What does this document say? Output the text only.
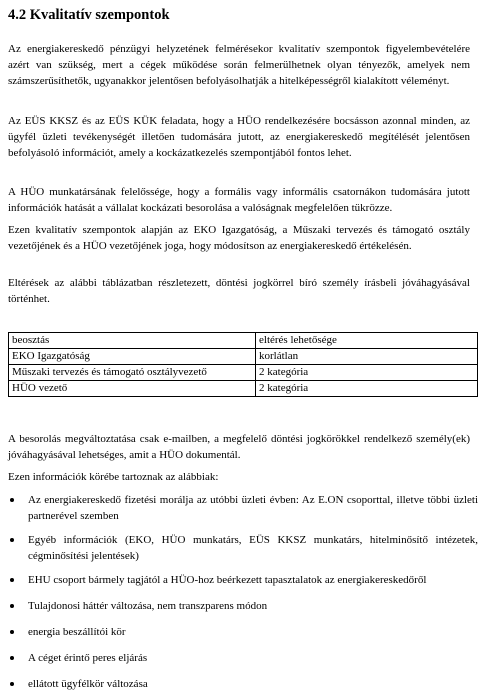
4.2 Kvalitatív szempontok
Az energiakereskedő pénzügyi helyzetének felmérésekor kvalitatív szempontok figyelembevételére azért van szükség, mert a cégek működése során felmerülhetnek olyan tényezők, amelyek nem számszerűsíthetők, ugyanakkor jelentősen befolyásolhatják a hitelképességről kialakított véleményt.
Az EÜS KKSZ és az EÜS KÜK feladata, hogy a HÜO rendelkezésére bocsásson azonnal minden, az ügyfél üzleti tevékenységét illetően tudomására jutott, az energiakereskedő megítélését jelentősen befolyásoló információt, amely a kockázatkezelés szempontjából fontos lehet.
A HÜO munkatársának felelőssége, hogy a formális vagy informális csatornákon tudomására jutott információk hatását a vállalat kockázati besorolása a valóságnak megfelelően tükrözze.
Ezen kvalitatív szempontok alapján az EKO Igazgatóság, a Műszaki tervezés és támogató osztály vezetőjének és a HÜO vezetőjének joga, hogy módosítson az energiakereskedő értékelésén.
Eltérések az alábbi táblázatban részletezett, döntési jogkörrel bíró személy írásbeli jóváhagyásával történhet.
beosztás	eltérés lehetősége
EKO Igazgatóság	korlátlan
Műszaki tervezés és támogató osztályvezető	2 kategória
HÜO vezető	2 kategória
A besorolás megváltoztatása csak e-mailben, a megfelelő döntési jogkörökkel rendelkező személy(ek) jóváhagyásával lehetséges, amit a HÜO dokumentál.
Ezen információk körébe tartoznak az alábbiak:
Az energiakereskedő fizetési morálja az utóbbi üzleti évben: Az E.ON csoporttal, illetve többi üzleti partnerével szemben
Egyéb információk (EKO, HÜO munkatárs, EÜS KKSZ munkatárs, hitelminősítő intézetek, cégminősítési jelentések)
EHU csoport bármely tagjától a HÜO-hoz beérkezett tapasztalatok az energiakereskedőről
Tulajdonosi háttér változása, nem transzparens módon
energia beszállítói kör
A céget érintő peres eljárás
ellátott ügyfélkör változása
